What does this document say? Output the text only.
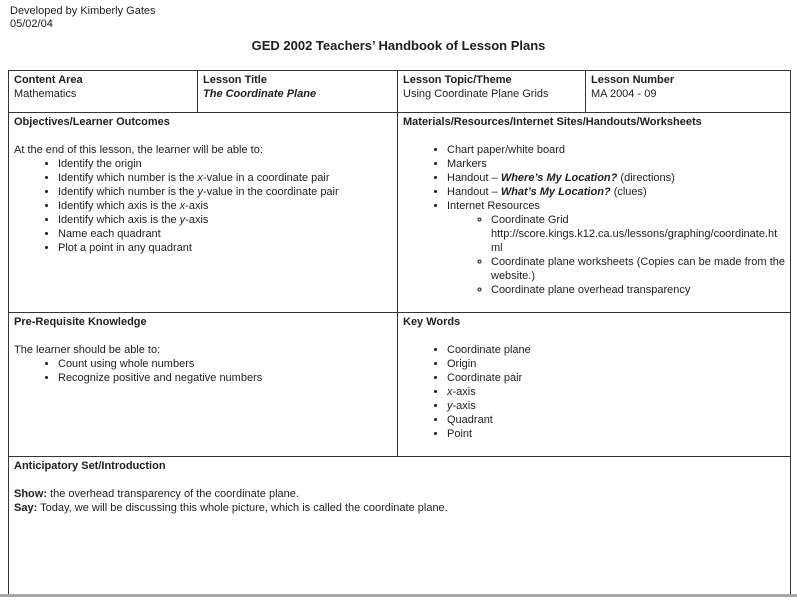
Developed by Kimberly Gates
05/02/04
GED 2002 Teachers’ Handbook of Lesson Plans
Content Area
Mathematics

Lesson Title
The Coordinate Plane

Lesson Topic/Theme
Using Coordinate Plane Grids

Lesson Number
MA 2004 - 09

Objectives/Learner Outcomes
At the end of this lesson, the learner will be able to:
• Identify the origin
• Identify which number is the x-value in a coordinate pair
• Identify which number is the y-value in the coordinate pair
• Identify which axis is the x-axis
• Identify which axis is the y-axis
• Name each quadrant
• Plot a point in any quadrant

Materials/Resources/Internet Sites/Handouts/Worksheets
• Chart paper/white board
• Markers
• Handout – Where’s My Location? (directions)
• Handout – What’s My Location? (clues)
• Internet Resources
◦ Coordinate Grid
http://score.kings.k12.ca.us/lessons/graphing/coordinate.html
◦ Coordinate plane worksheets (Copies can be made from the website.)
◦ Coordinate plane overhead transparency

Pre-Requisite Knowledge
The learner should be able to:
• Count using whole numbers
• Recognize positive and negative numbers

Key Words
• Coordinate plane
• Origin
• Coordinate pair
• x-axis
• y-axis
• Quadrant
• Point

Anticipatory Set/Introduction
Show: the overhead transparency of the coordinate plane.
Say: Today, we will be discussing this whole picture, which is called the coordinate plane.			
